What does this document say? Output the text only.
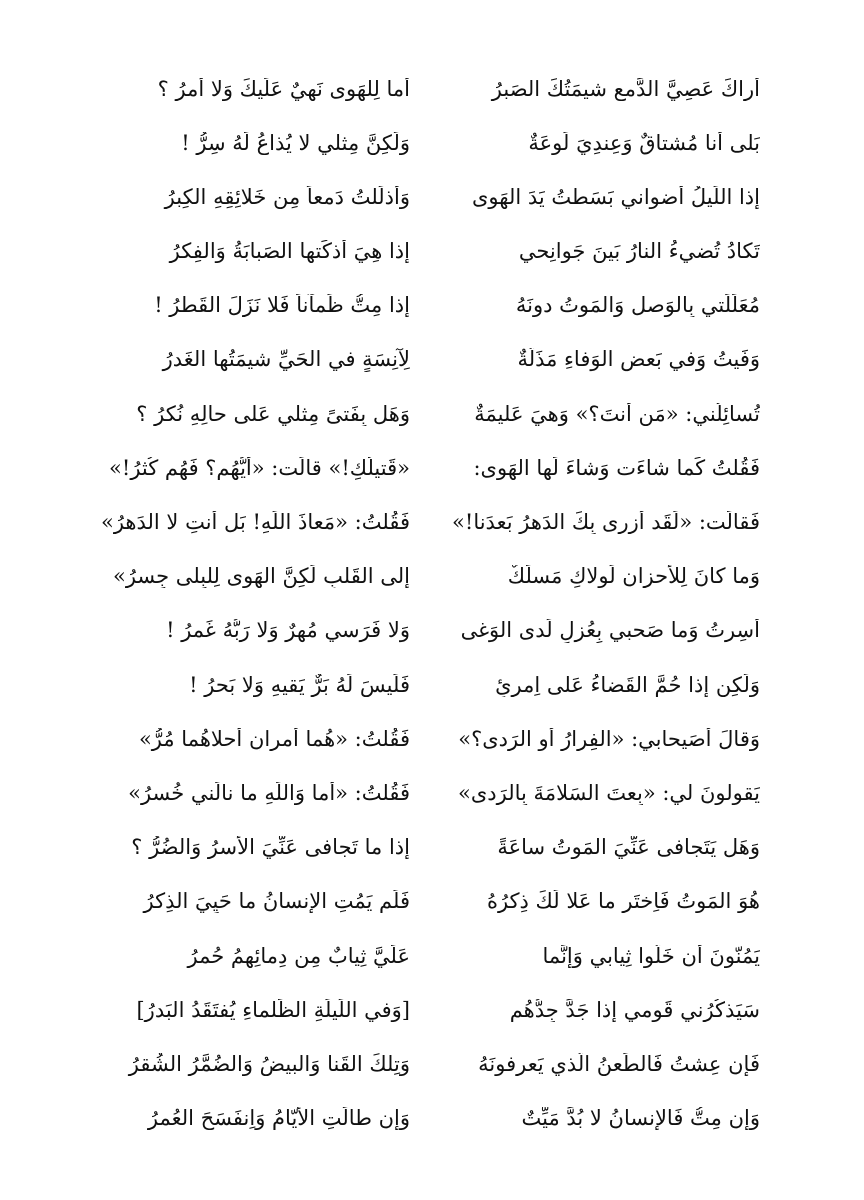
أَراكَ عَصِيَّ الدَّمعِ شيمَتُكَ الصَبرُ
أَما لِلهَوى نَهيٌ عَلَيكَ وَلا أَمرُ ؟
بَلى أَنا مُشتاقٌ وَعِندِيَ لَوعَةٌ
وَلَكِنَّ مِثلي لا يُذاعُ لَهُ سِرُّ !
إِذا اللَيلُ أَضواني بَسَطتُ يَدَ الهَوى
وَأَذلَلتُ دَمعاً مِن خَلائِقِهِ الكِبرُ
تَكادُ تُضيءُ النارُ بَينَ جَوانِحي
إِذا هِيَ أَذكَتها الصَبابَةُ وَالفِكرُ
مُعَلِّلَتي بِالوَصلِ وَالمَوتُ دونَهُ
إِذا مِتُّ ظَمآناً فَلا نَزَلَ القَطرُ !
وَفَيتُ وَفي بَعضِ الوَفاءِ مَذَلَّةٌ
لِآنِسَةٍ في الحَيِّ شيمَتُها الغَدرُ
تُسائِلُني: «مَن أَنتَ؟» وَهيَ عَليمَةٌ
وَهَل بِفَتىً مِثلي عَلى حالِهِ نُكرُ ؟
فَقُلتُ كَما شاءَت وَشاءَ لَها الهَوى:
«قَتيلُكِ!» قالَت: «أَيُّهُم؟ فَهُم كُثرُ!»
فَقالَت: «لَقَد أَزرى بِكَ الدَهرُ بَعدَنا!»
فَقُلتُ: «مَعاذَ اللَهِ! بَل أَنتِ لا الدَهرُ»
وَما كانَ لِلأَحزانِ لَولاكِ مَسلَكٌ
إِلى القَلبِ لَكِنَّ الهَوى لِلبِلى جِسرُ»
أُسِرتُ وَما صَحبي بِعُزلٍ لَدى الوَغى
وَلا فَرَسي مُهرٌ وَلا رَبُّهُ غَمرُ !
وَلَكِن إِذا حُمَّ القَضاءُ عَلى اِمرِئٍ
فَلَيسَ لَهُ بَرٌّ يَقيهِ وَلا بَحرُ !
وَقالَ أُصَيحابي: «الفِرارُ أَوِ الرَدى؟»
فَقُلتُ: «هُما أَمرانِ أَحلاهُما مُرُّ»
يَقولونَ لي: «بِعتَ السَلامَةَ بِالرَدى»
فَقُلتُ: «أَما وَاللَهِ ما نالَني خُسرُ»
وَهَل يَتَجافى عَنِّيَ المَوتُ ساعَةً
إِذا ما تَجافى عَنِّيَ الأَسرُ وَالضُرُّ ؟
هُوَ المَوتُ فَاِختَر ما عَلا لَكَ ذِكرُهُ
فَلَم يَمُتِ الإِنسانُ ما حَيِيَ الذِكرُ
يَمُنّونَ أَن خَلّوا ثِيابي وَإِنَّما
عَلَيَّ ثِيابٌ مِن دِمائِهِمُ حُمرُ
سَيَذكُرُني قَومي إِذا جَدَّ جِدُّهُم
[وَفي اللَيلَةِ الظَلماءِ يُفتَقَدُ البَدرُ]
فَإِن عِشتُ فَالطَعنُ الَّذي يَعرِفونَهُ
وَتِلكَ القَنا وَالبيضُ وَالضُمَّرُ الشُقرُ
وَإِن مِتُّ فَالإِنسانُ لا بُدَّ مَيِّتٌ
وَإِن طالَتِ الأَيّامُ وَاِنفَسَحَ العُمرُ
